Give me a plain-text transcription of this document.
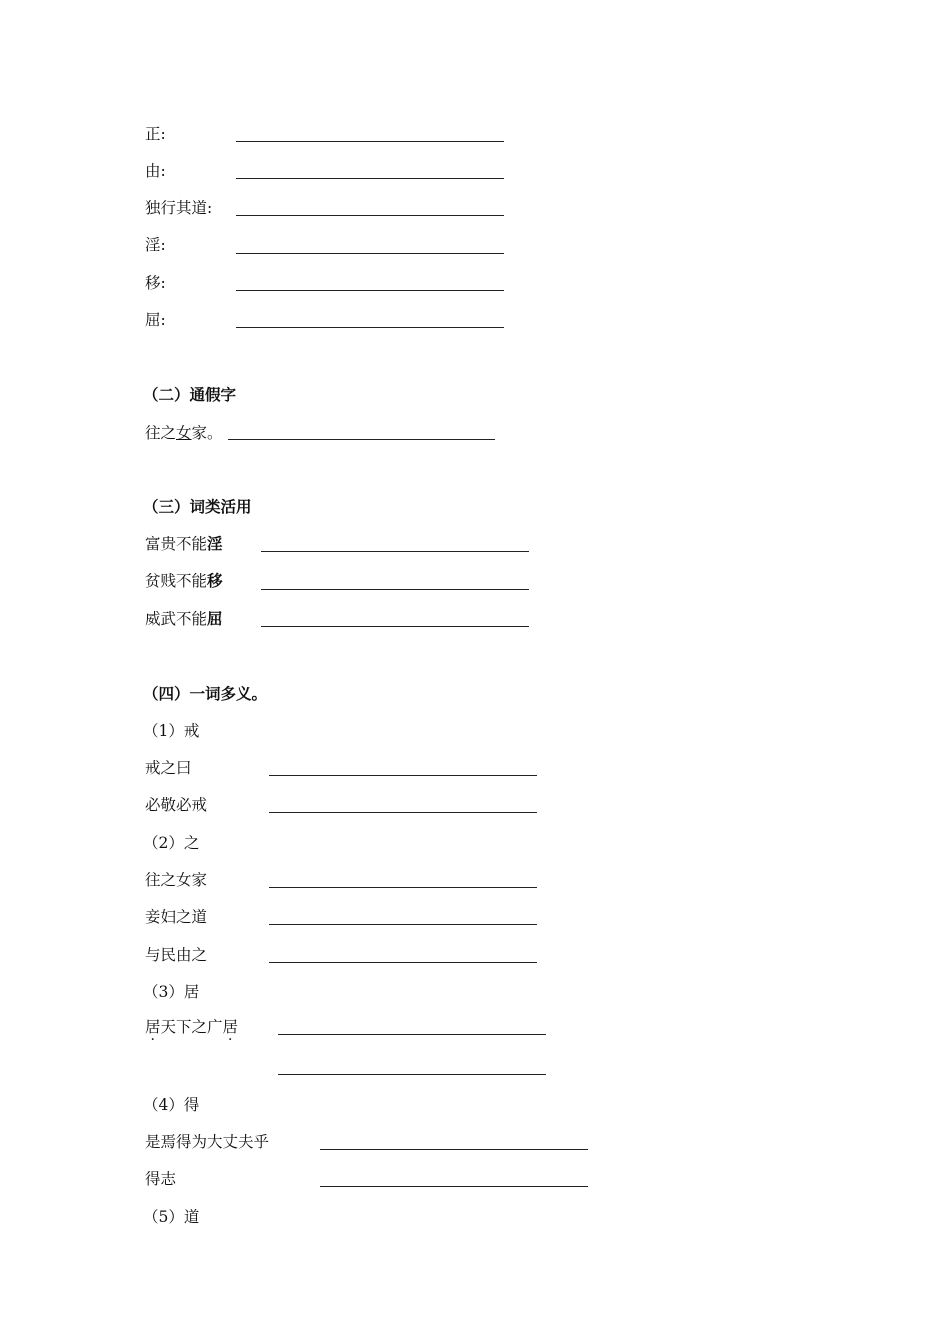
正:
由:
独行其道:
淫:
移:
屈:
（二）通假字
往之女家。
（三）词类活用
富贵不能淫
贫贱不能移
威武不能屈
（四）一词多义。
（1）戒
戒之曰
必敬必戒
（2）之
往之女家
妾妇之道
与民由之
（3）居
居天下之广居
（4）得
是焉得为大丈夫乎
得志
（5）道
